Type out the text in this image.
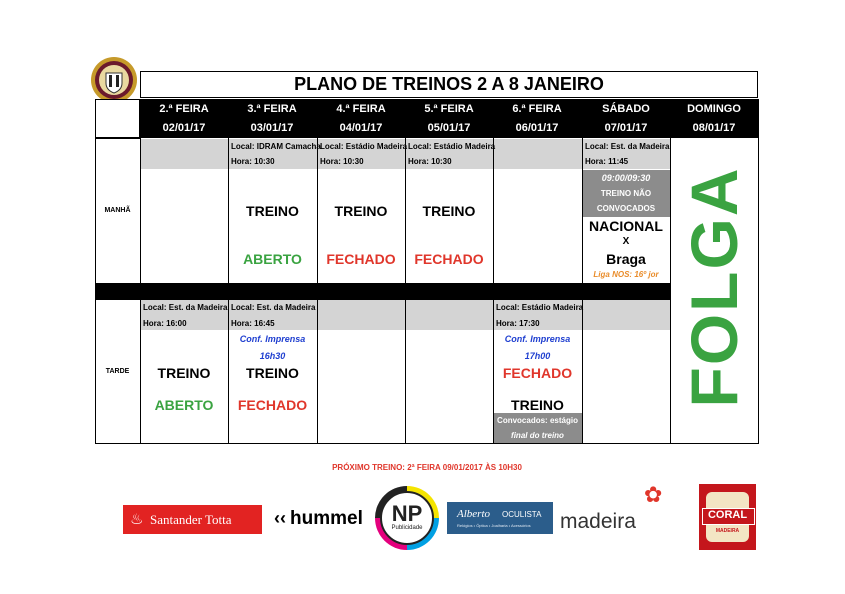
PLANO DE TREINOS 2 A 8 JANEIRO
2.ª FEIRA
02/01/17
3.ª FEIRA
03/01/17
4.ª FEIRA
04/01/17
5.ª FEIRA
05/01/17
6.ª FEIRA
06/01/17
SÁBADO
07/01/17
DOMINGO
08/01/17
MANHÃ
TARDE
Local: IDRAM Camacha
Hora: 10:30
TREINO
ABERTO
Local: Estádio Madeira
Hora: 10:30
TREINO
FECHADO
Local: Estádio Madeira
Hora: 10:30
TREINO
FECHADO
Local: Est. da Madeira
Hora: 11:45
09:00/09:30
TREINO NÃO
CONVOCADOS
NACIONAL
X
Braga
Liga NOS: 16º jor
Local: Est. da Madeira
Hora: 16:00
TREINO
ABERTO
Local: Est. da Madeira
Hora: 16:45
Conf. Imprensa
16h30
TREINO
FECHADO
Local: Estádio Madeira
Hora: 17:30
Conf. Imprensa
17h00
FECHADO
TREINO
Convocados: estágio
final do treino
FOLGA
PRÓXIMO TREINO: 2ª FEIRA 09/01/2017 ÀS 10H30
♨ Santander Totta ‹‹ hummel	NP
Publicidade
Alberto OCULISTA
Relógios • Óptica • Joalharia • Acessórios
✿
madeira	CORAL
MADEIRA
